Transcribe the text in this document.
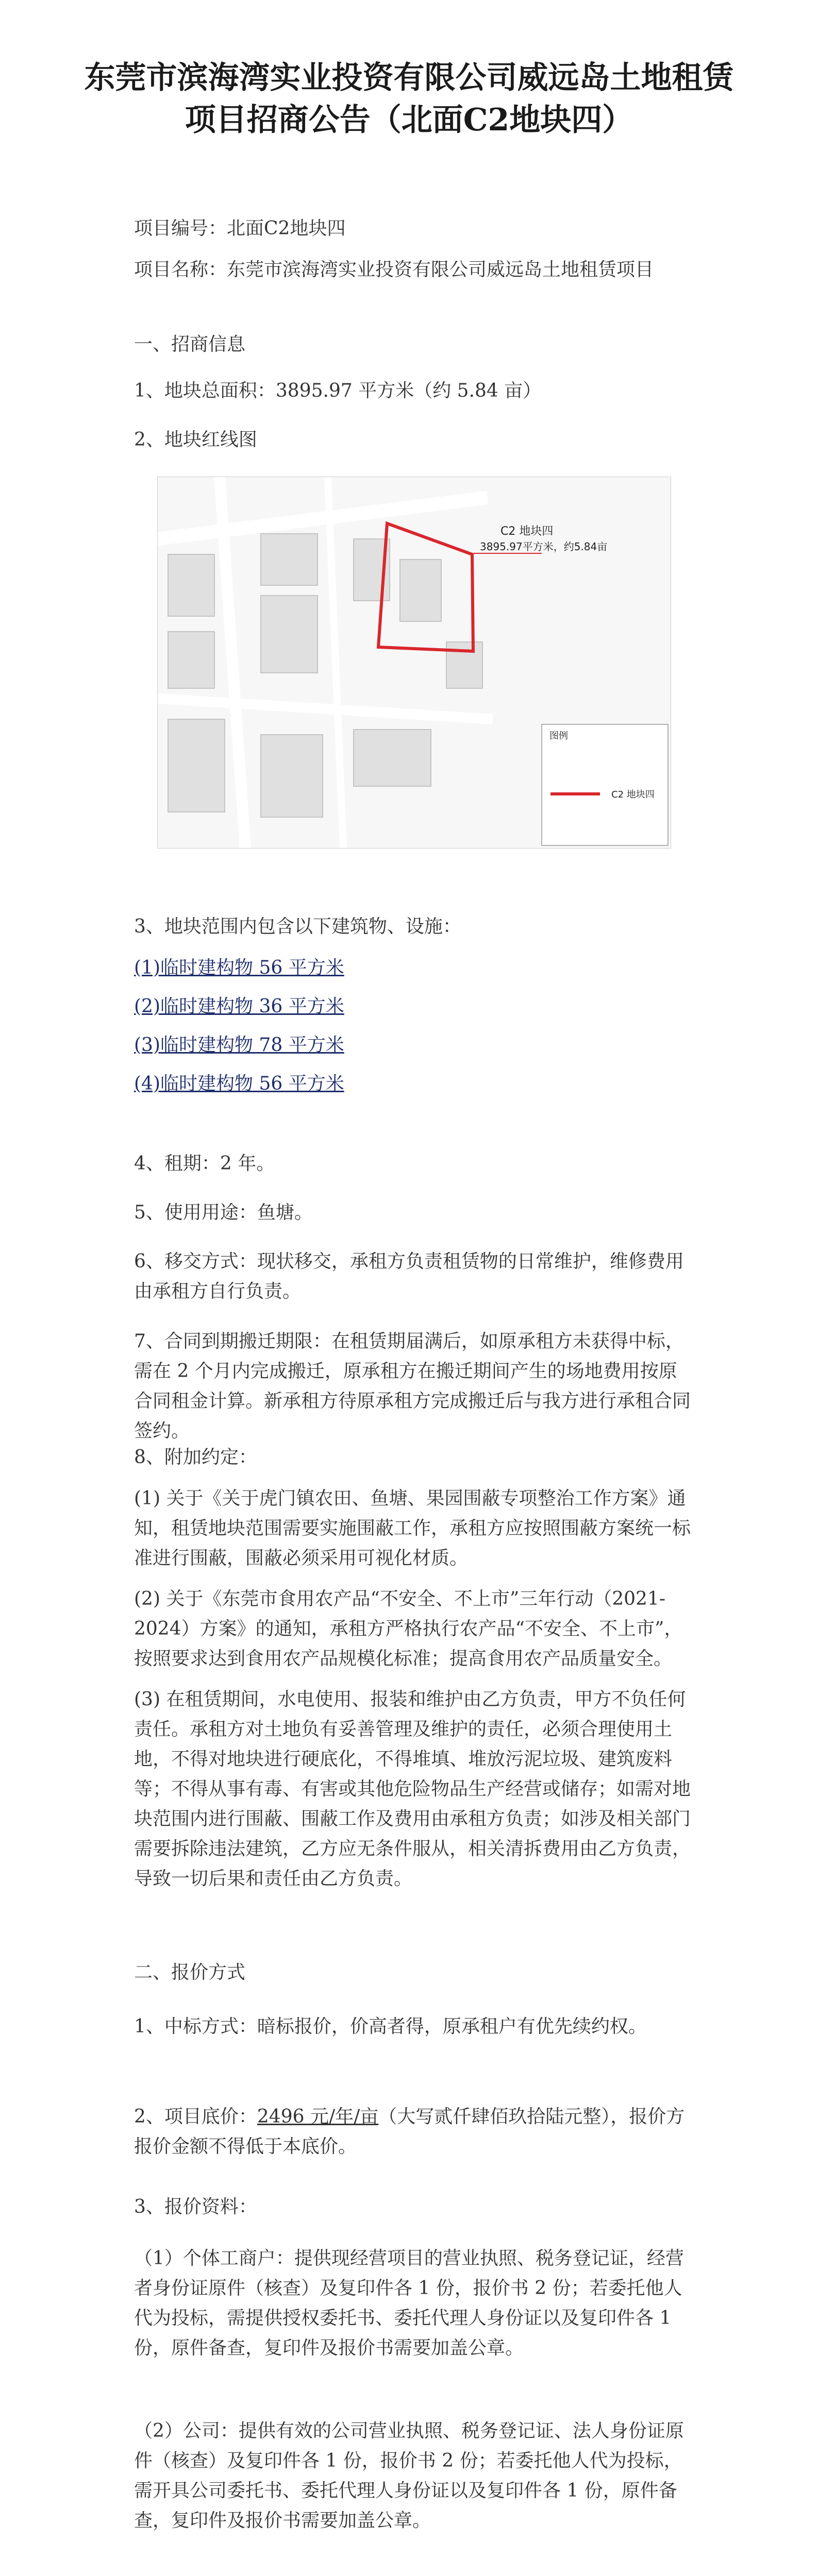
东莞市滨海湾实业投资有限公司威远岛土地租赁项目招商公告（北面C2地块四）

项目编号：北面C2地块四

项目名称：东莞市滨海湾实业投资有限公司威远岛土地租赁项目

一、招商信息

1、地块总面积：3895.97 平方米（约 5.84 亩）

2、地块红线图

C2 地块四
3895.97平方米，约5.84亩
图例
C2 地块四

3、地块范围内包含以下建筑物、设施：

(1)临时建构物 56 平方米

(2)临时建构物 36 平方米

(3)临时建构物 78 平方米

(4)临时建构物 56 平方米

4、租期：2 年。

5、使用用途：鱼塘。

6、移交方式：现状移交，承租方负责租赁物的日常维护，维修费用由承租方自行负责。

7、合同到期搬迁期限：在租赁期届满后，如原承租方未获得中标，需在 2 个月内完成搬迁，原承租方在搬迁期间产生的场地费用按原合同租金计算。新承租方待原承租方完成搬迁后与我方进行承租合同签约。

8、附加约定：

(1) 关于《关于虎门镇农田、鱼塘、果园围蔽专项整治工作方案》通知，租赁地块范围需要实施围蔽工作，承租方应按照围蔽方案统一标准进行围蔽，围蔽必须采用可视化材质。

(2) 关于《东莞市食用农产品“不安全、不上市”三年行动（2021-2024）方案》的通知，承租方严格执行农产品“不安全、不上市”，按照要求达到食用农产品规模化标准；提高食用农产品质量安全。

(3) 在租赁期间，水电使用、报装和维护由乙方负责，甲方不负任何责任。承租方对土地负有妥善管理及维护的责任，必须合理使用土地，不得对地块进行硬底化，不得堆填、堆放污泥垃圾、建筑废料等；不得从事有毒、有害或其他危险物品生产经营或储存；如需对地块范围内进行围蔽、围蔽工作及费用由承租方负责；如涉及相关部门需要拆除违法建筑，乙方应无条件服从，相关清拆费用由乙方负责，导致一切后果和责任由乙方负责。

二、报价方式

1、中标方式：暗标报价，价高者得，原承租户有优先续约权。

2、项目底价：2496 元/年/亩（大写贰仟肆佰玖拾陆元整），报价方报价金额不得低于本底价。

3、报价资料：

（1）个体工商户：提供现经营项目的营业执照、税务登记证，经营者身份证原件（核查）及复印件各 1 份，报价书 2 份；若委托他人代为投标，需提供授权委托书、委托代理人身份证以及复印件各 1 份，原件备查，复印件及报价书需要加盖公章。

（2）公司：提供有效的公司营业执照、税务登记证、法人身份证原件（核查）及复印件各 1 份，报价书 2 份；若委托他人代为投标，需开具公司委托书、委托代理人身份证以及复印件各 1 份，原件备查，复印件及报价书需要加盖公章。
